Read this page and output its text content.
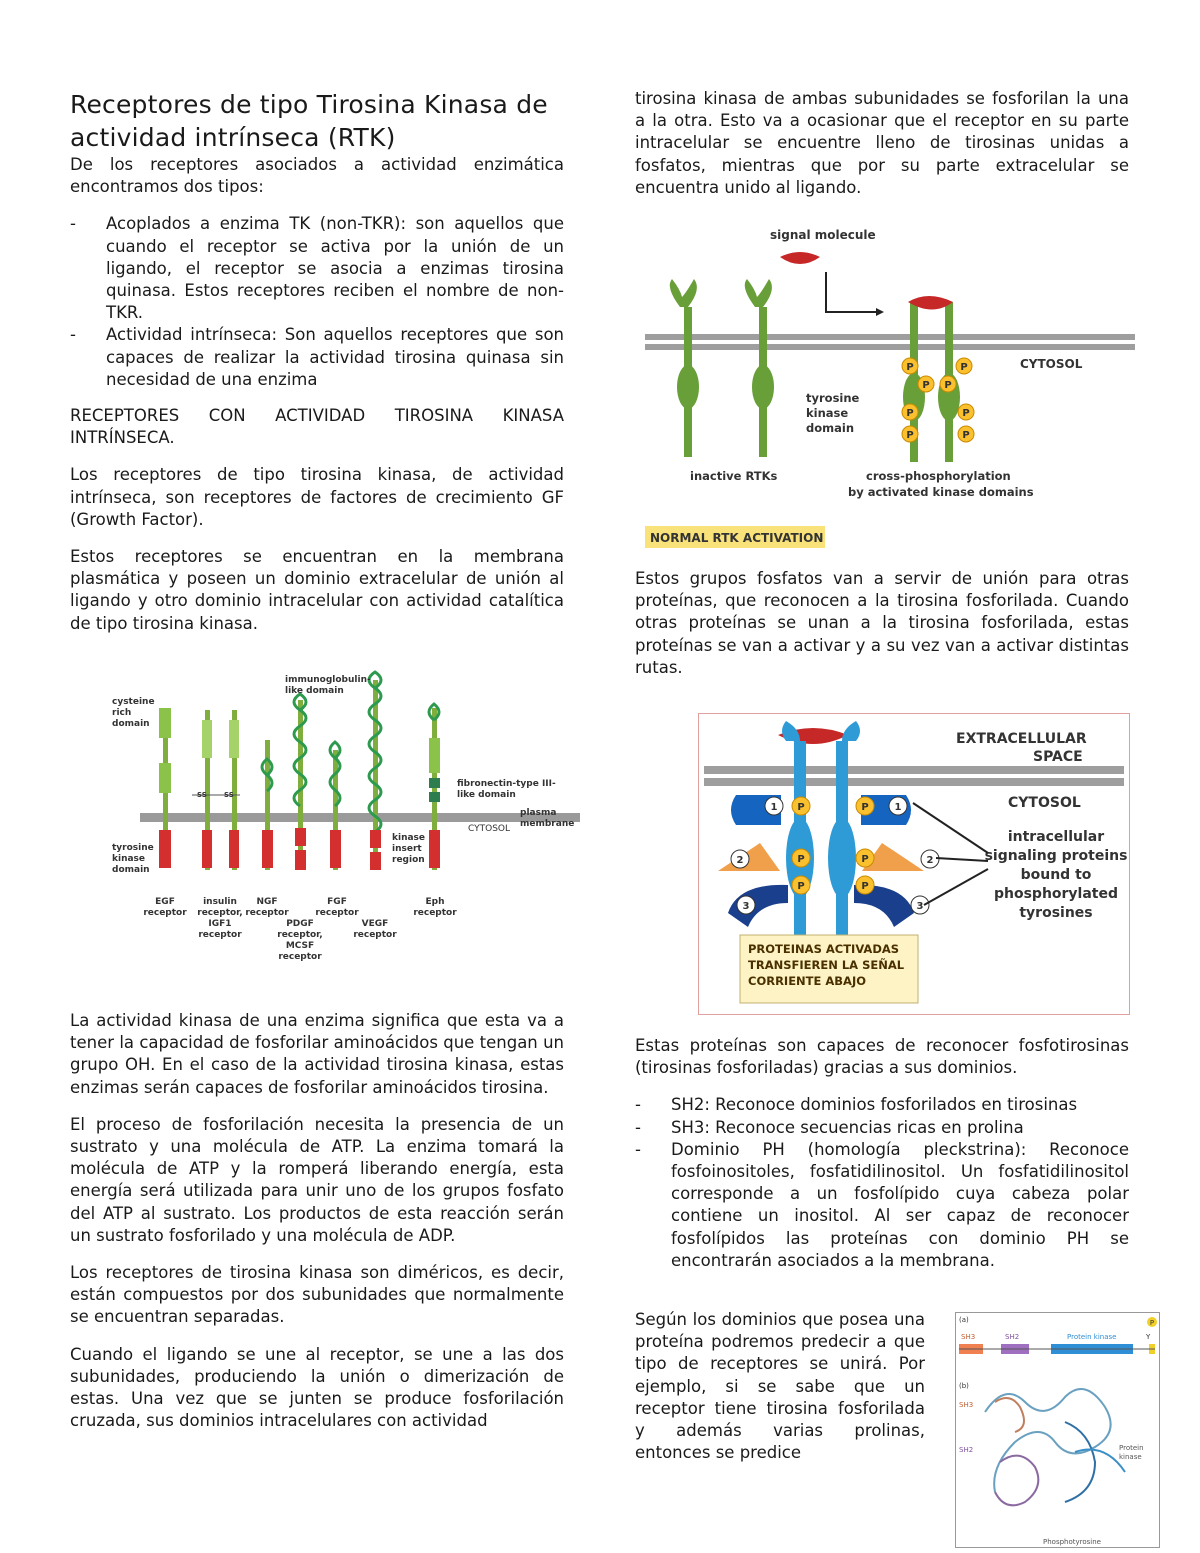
Receptores de tipo Tirosina Kinasa de actividad intrínseca (RTK)

De los receptores asociados a actividad enzimática encontramos dos tipos:

- Acoplados a enzima TK (non-TKR): son aquellos que cuando el receptor se activa por la unión de un ligando, el receptor se asocia a enzimas tirosina quinasa. Estos receptores reciben el nombre de non-TKR.
- Actividad intrínseca: Son aquellos receptores que son capaces de realizar la actividad tirosina quinasa sin necesidad de una enzima

RECEPTORES CON ACTIVIDAD TIROSINA KINASA INTRÍNSECA.

Los receptores de tipo tirosina kinasa, de actividad intrínseca, son receptores de factores de crecimiento GF (Growth Factor).

Estos receptores se encuentran en la membrana plasmática y poseen un dominio extracelular de unión al ligando y otro dominio intracelular con actividad catalítica de tipo tirosina kinasa.

La actividad kinasa de una enzima significa que esta va a tener la capacidad de fosforilar aminoácidos que tengan un grupo OH. En el caso de la actividad tirosina kinasa, estas enzimas serán capaces de fosforilar aminoácidos tirosina.

El proceso de fosforilación necesita la presencia de un sustrato y una molécula de ATP. La enzima tomará la molécula de ATP y la romperá liberando energía, esta energía será utilizada para unir uno de los grupos fosfato del ATP al sustrato. Los productos de esta reacción serán un sustrato fosforilado y una molécula de ADP.

Los receptores de tirosina kinasa son diméricos, es decir, están compuestos por dos subunidades que normalmente se encuentran separadas.

Cuando el ligando se une al receptor, se une a las dos subunidades, produciendo la unión o dimerización de estas. Una vez que se junten se produce fosforilación cruzada, sus dominios intracelulares con actividad

cysteine
rich
domain
immunoglobulin-
like domain
fibronectin-type III-
like domain
plasma
membrane
CYTOSOL
tyrosine
kinase
domain
kinase
insert
region
SS SS
EGF
receptor
insulin
receptor,
IGF1
receptor
NGF
receptor
PDGF
receptor,
MCSF
receptor
FGF
receptor
VEGF
receptor
Eph
receptor

tirosina kinasa de ambas subunidades se fosforilan la una a la otra. Esto va a ocasionar que el receptor en su parte intracelular se encuentre lleno de tirosinas unidas a fosfatos, mientras que por su parte extracelular se encuentra unido al ligando.

signal molecule
P	P
P P
P	P
P	P
CYTOSOL
tyrosine
kinase
domain
inactive RTKs	cross-phosphorylation
by activated kinase domains
NORMAL RTK ACTIVATION

Estos grupos fosfatos van a servir de unión para otras proteínas, que reconocen a la tirosina fosforilada. Cuando otras proteínas se unan a la tirosina fosforilada, estas proteínas se van a activar y a su vez van a activar distintas rutas.

EXTRACELLULAR
SPACE
CYTOSOL
intracellular
signaling proteins
bound to
phosphorylated
tyrosines
1	1
2	2
3	3
P	P
P	P
P	P
PROTEINAS ACTIVADAS
TRANSFIEREN LA SEÑAL
CORRIENTE ABAJO

Estas proteínas son capaces de reconocer fosfotirosinas (tirosinas fosforiladas) gracias a sus dominios.

- SH2: Reconoce dominios fosforilados en tirosinas
- SH3: Reconoce secuencias ricas en prolina
- Dominio PH (homología pleckstrina): Reconoce fosfoinositoles, fosfatidilinositol. Un fosfatidilinositol corresponde a un fosfolípido cuya cabeza polar contiene un inositol. Al ser capaz de reconocer fosfolípidos las proteínas con dominio PH se encontrarán asociados a la membrana.

Según los dominios que posea una proteína podremos predecir a que tipo de receptores se unirá. Por ejemplo, si se sabe que un receptor tiene tirosina fosforilada y además varias prolinas, entonces se predice

(a)
(b)
SH3	SH2	Protein kinase	Y
P
SH3
SH2	Protein
kinase
Phosphotyrosine
